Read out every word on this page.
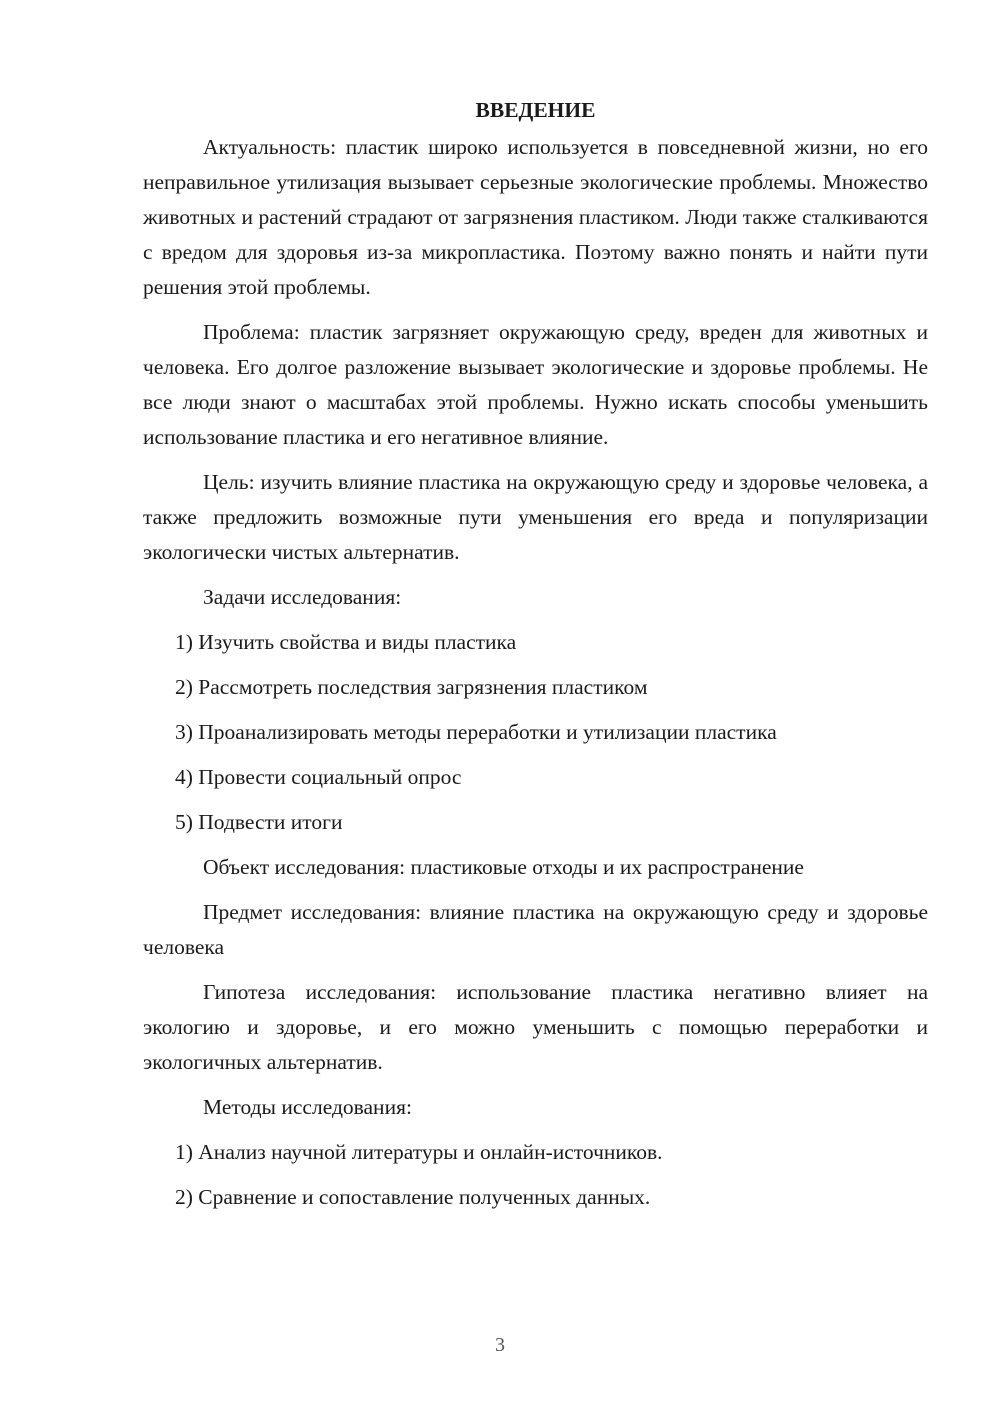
ВВЕДЕНИЕ

Актуальность: пластик широко используется в повседневной жизни, но его неправильное утилизация вызывает серьезные экологические проблемы. Множество животных и растений страдают от загрязнения пластиком. Люди также сталкиваются с вредом для здоровья из-за микропластика. Поэтому важно понять и найти пути решения этой проблемы.

Проблема: пластик загрязняет окружающую среду, вреден для животных и человека. Его долгое разложение вызывает экологические и здоровье проблемы. Не все люди знают о масштабах этой проблемы. Нужно искать способы уменьшить использование пластика и его негативное влияние.

Цель: изучить влияние пластика на окружающую среду и здоровье человека, а также предложить возможные пути уменьшения его вреда и популяризации экологически чистых альтернатив.

Задачи исследования:

1) Изучить свойства и виды пластика

2) Рассмотреть последствия загрязнения пластиком

3) Проанализировать методы переработки и утилизации пластика

4) Провести социальный опрос

5) Подвести итоги

Объект исследования: пластиковые отходы и их распространение

Предмет исследования: влияние пластика на окружающую среду и здоровье человека

Гипотеза исследования: использование пластика негативно влияет на экологию и здоровье, и его можно уменьшить с помощью переработки и экологичных альтернатив.

Методы исследования:

1) Анализ научной литературы и онлайн-источников.

2) Сравнение и сопоставление полученных данных.

3
